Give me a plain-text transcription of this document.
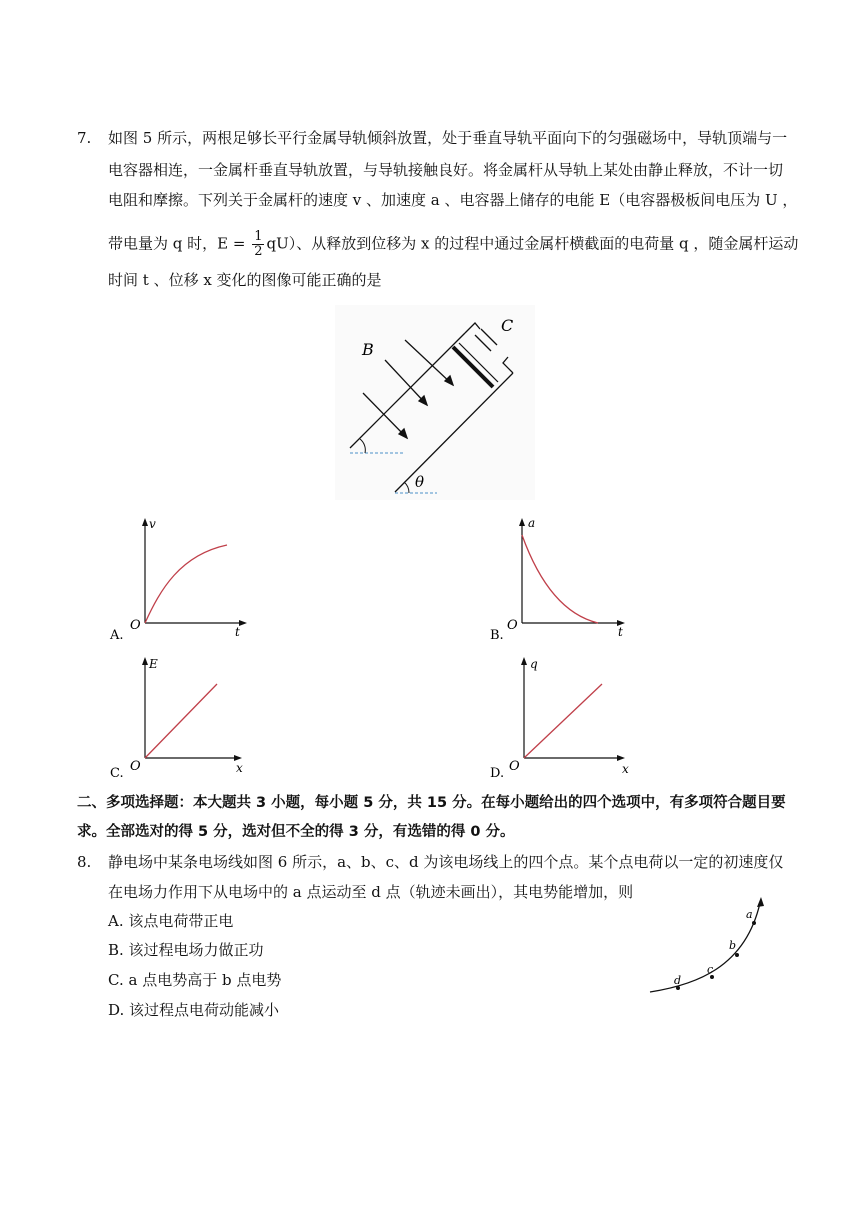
7. 如图 5 所示，两根足够长平行金属导轨倾斜放置，处于垂直导轨平面向下的匀强磁场中，导轨顶端与一
电容器相连，一金属杆垂直导轨放置，与导轨接触良好。将金属杆从导轨上某处由静止释放，不计一切
电阻和摩擦。下列关于金属杆的速度 v 、加速度 a 、电容器上储存的电能 E（电容器极板间电压为 U ，
带电量为 q 时，$E = \frac{1}{2} qU$）、从释放到位移为 x 的过程中通过金属杆横截面的电荷量 q ，随金属杆运动
时间 t 、位移 x 变化的图像可能正确的是
B
C
θ
v
t
O
A.
a
t
O
B.
E
x
O
C.
q
x
O
D.
二、多项选择题：本大题共 3 小题，每小题 5 分，共 15 分。在每小题给出的四个选项中，有多项符合题目要
求。全部选对的得 5 分，选对但不全的得 3 分，有选错的得 0 分。
8. 静电场中某条电场线如图 6 所示，a、b、c、d 为该电场线上的四个点。某个点电荷以一定的初速度仅
在电场力作用下从电场中的 a 点运动至 d 点（轨迹未画出），其电势能增加，则
A. 该点电荷带正电
B. 该过程电场力做正功
C. a 点电势高于 b 点电势
D. 该过程点电荷动能减小
d
c
b
a
